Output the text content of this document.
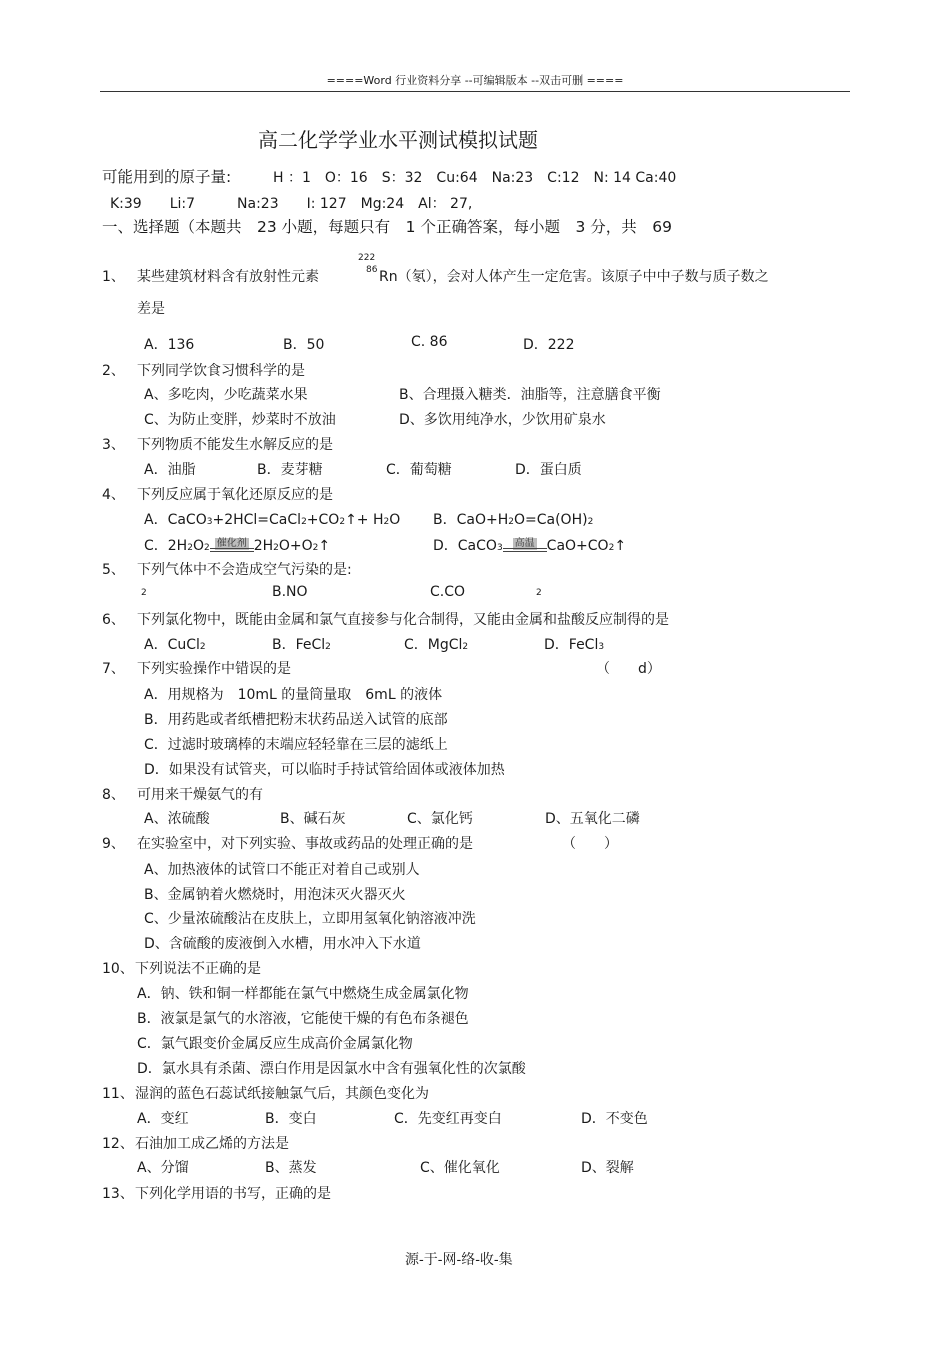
====Word 行业资料分享 --可编辑版本 --双击可删 ====
高二化学学业水平测试模拟试题
可能用到的原子量:	H ：1　O：16　S：32　Cu:64　Na:23　C:12　N: 14 Ca:40
K:39　　Li:7　　　Na:23　　I: 127　Mg:24　Al： 27,
一、选择题（本题共　23 小题，每题只有　1 个正确答案，每小题　3 分，共　69
222
86
1、 某些建筑材料含有放射性元素	Rn（氡），会对人体产生一定危害。该原子中中子数与质子数之
差是
A．136	B．50	C. 86	D．222
2、 下列同学饮食习惯科学的是
A、多吃肉，少吃蔬菜水果	B、合理摄入糖类．油脂等，注意膳食平衡
C、为防止变胖，炒菜时不放油	D、多饮用纯净水，少饮用矿泉水
3、 下列物质不能发生水解反应的是
A．油脂	B．麦芽糖	C．葡萄糖	D．蛋白质
4、 下列反应属于氧化还原反应的是
A．CaCO3+2HCl=CaCl2+CO2↑+ H2O B．CaO+H2O=Ca(OH)2
C．2H2O2 催化剂 2H2O+O2↑	D．CaCO3 高温 CaO+CO2↑
5、 下列气体中不会造成空气污染的是:
2	B.NO	C.CO	2
6、 下列氯化物中，既能由金属和氯气直接参与化合制得，又能由金属和盐酸反应制得的是
A．CuCl2	B．FeCl2	C．MgCl2	D．FeCl3
7、 下列实验操作中错误的是	（　　d）
A．用规格为　10mL 的量筒量取　6mL 的液体
B．用药匙或者纸槽把粉末状药品送入试管的底部
C．过滤时玻璃棒的末端应轻轻靠在三层的滤纸上
D．如果没有试管夹，可以临时手持试管给固体或液体加热
8、 可用来干燥氨气的有
A、浓硫酸	B、碱石灰	C、氯化钙	D、五氧化二磷
9、 在实验室中，对下列实验、事故或药品的处理正确的是	（　　）
A、加热液体的试管口不能正对着自己或别人
B、金属钠着火燃烧时，用泡沫灭火器灭火
C、少量浓硫酸沾在皮肤上，立即用氢氧化钠溶液冲洗
D、含硫酸的废液倒入水槽，用水冲入下水道
10、 下列说法不正确的是
A．钠、铁和铜一样都能在氯气中燃烧生成金属氯化物
B．液氯是氯气的水溶液，它能使干燥的有色布条褪色
C．氯气跟变价金属反应生成高价金属氯化物
D．氯水具有杀菌、漂白作用是因氯水中含有强氧化性的次氯酸
11、 湿润的蓝色石蕊试纸接触氯气后，其颜色变化为
A．变红	B．变白	C．先变红再变白	D．不变色
12、 石油加工成乙烯的方法是
A、分馏	B、蒸发	C、催化氧化	D、裂解
13、 下列化学用语的书写，正确的是
源-于-网-络-收-集
